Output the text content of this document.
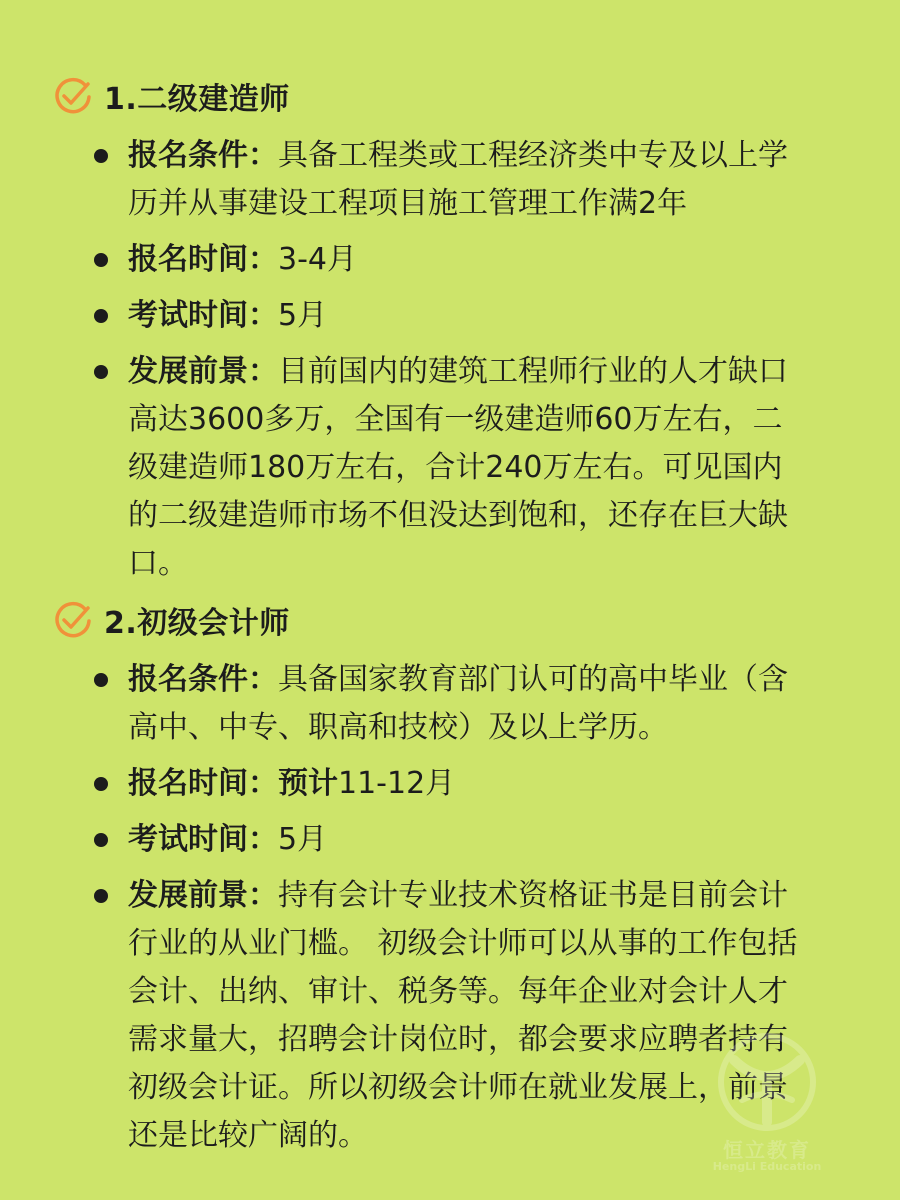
1.二级建造师
报名条件：具备工程类或工程经济类中专及以上学历并从事建设工程项目施工管理工作满2年
报名时间：3-4月
考试时间：5月
发展前景：目前国内的建筑工程师行业的人才缺口高达3600多万，全国有一级建造师60万左右，二级建造师180万左右，合计240万左右。可见国内的二级建造师市场不但没达到饱和，还存在巨大缺口。
2.初级会计师
报名条件：具备国家教育部门认可的高中毕业（含高中、中专、职高和技校）及以上学历。
报名时间：预计11-12月
考试时间：5月
发展前景：持有会计专业技术资格证书是目前会计行业的从业门槛。 初级会计师可以从事的工作包括会计、出纳、审计、税务等。每年企业对会计人才需求量大，招聘会计岗位时，都会要求应聘者持有初级会计证。所以初级会计师在就业发展上，前景还是比较广阔的。	恒立教育
HengLi Education
